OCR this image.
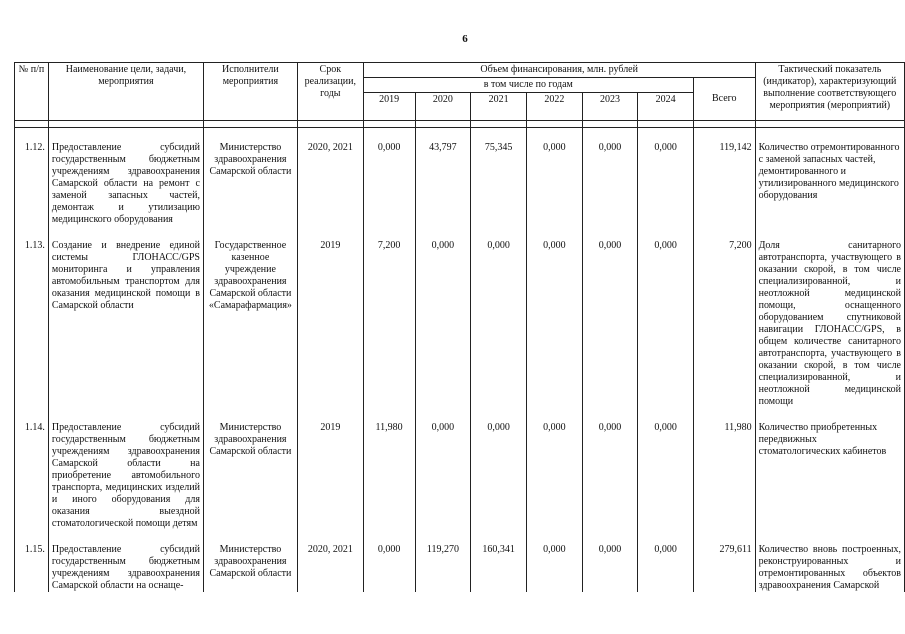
6
№ п/п	Наименование цели, задачи, мероприятия	Исполнители мероприятия	Срок реализации, годы	Объем финансирования, млн. рублей							Тактический показатель (индикатор), характеризующий выполнение соответствующего мероприятия (мероприятий)
				в том числе по годам						Всего	
				2019	2020	2021	2022	2023	2024		

1.12.	Предоставление субсидий государственным бюджетным учреждениям здравоохранения Самарской области на ремонт с заменой запасных частей, демонтаж и утилизацию медицинского оборудования	Министерство здравоохранения Самарской области	2020, 2021	0,000	43,797	75,345	0,000	0,000	0,000	119,142	Количество отремонтированного с заменой запасных частей, демонтированного и утилизированного медицинского оборудования
1.13.	Создание и внедрение единой системы ГЛОНАСС/GPS мониторинга и управления автомобильным транспортом для оказания медицинской помощи в Самарской области	Государственное казенное учреждение здравоохранения Самарской области «Самарафармация»	2019	7,200	0,000	0,000	0,000	0,000	0,000	7,200	Доля санитарного автотранспорта, участвующего в оказании скорой, в том числе специализированной, и неотложной медицинской помощи, оснащенного оборудованием спутниковой навигации ГЛОНАСС/GPS, в общем количестве санитарного автотранспорта, участвующего в оказании скорой, в том числе специализированной, и неотложной медицинской помощи
1.14.	Предоставление субсидий государственным бюджетным учреждениям здравоохранения Самарской области на приобретение автомобильного транспорта, медицинских изделий и иного оборудования для оказания выездной стоматологической помощи детям	Министерство здравоохранения Самарской области	2019	11,980	0,000	0,000	0,000	0,000	0,000	11,980	Количество приобретенных передвижных стоматологических кабинетов
1.15.	Предоставление субсидий государственным бюджетным учреждениям здравоохранения Самарской области на оснаще-	Министерство здравоохранения Самарской области	2020, 2021	0,000	119,270	160,341	0,000	0,000	0,000	279,611	Количество вновь построенных, реконструированных и отремонтированных объектов здравоохранения Самарской
